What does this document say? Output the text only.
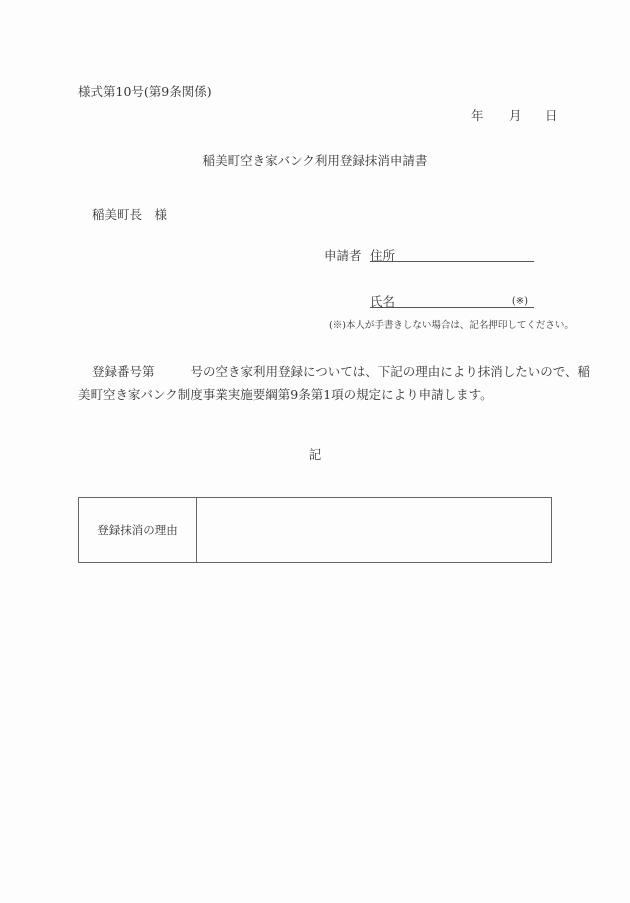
様式第10号(第9条関係)
年 月 日
稲美町空き家バンク利用登録抹消申請書
稲美町長　様
申請者 住所
氏名	(※)
(※)本人が手書きしない場合は、記名押印してください。
登録番号第	号の空き家利用登録については、下記の理由により抹消したいので、稲
美町空き家バンク制度事業実施要綱第9条第1項の規定により申請します。
記
登録抹消の理由
